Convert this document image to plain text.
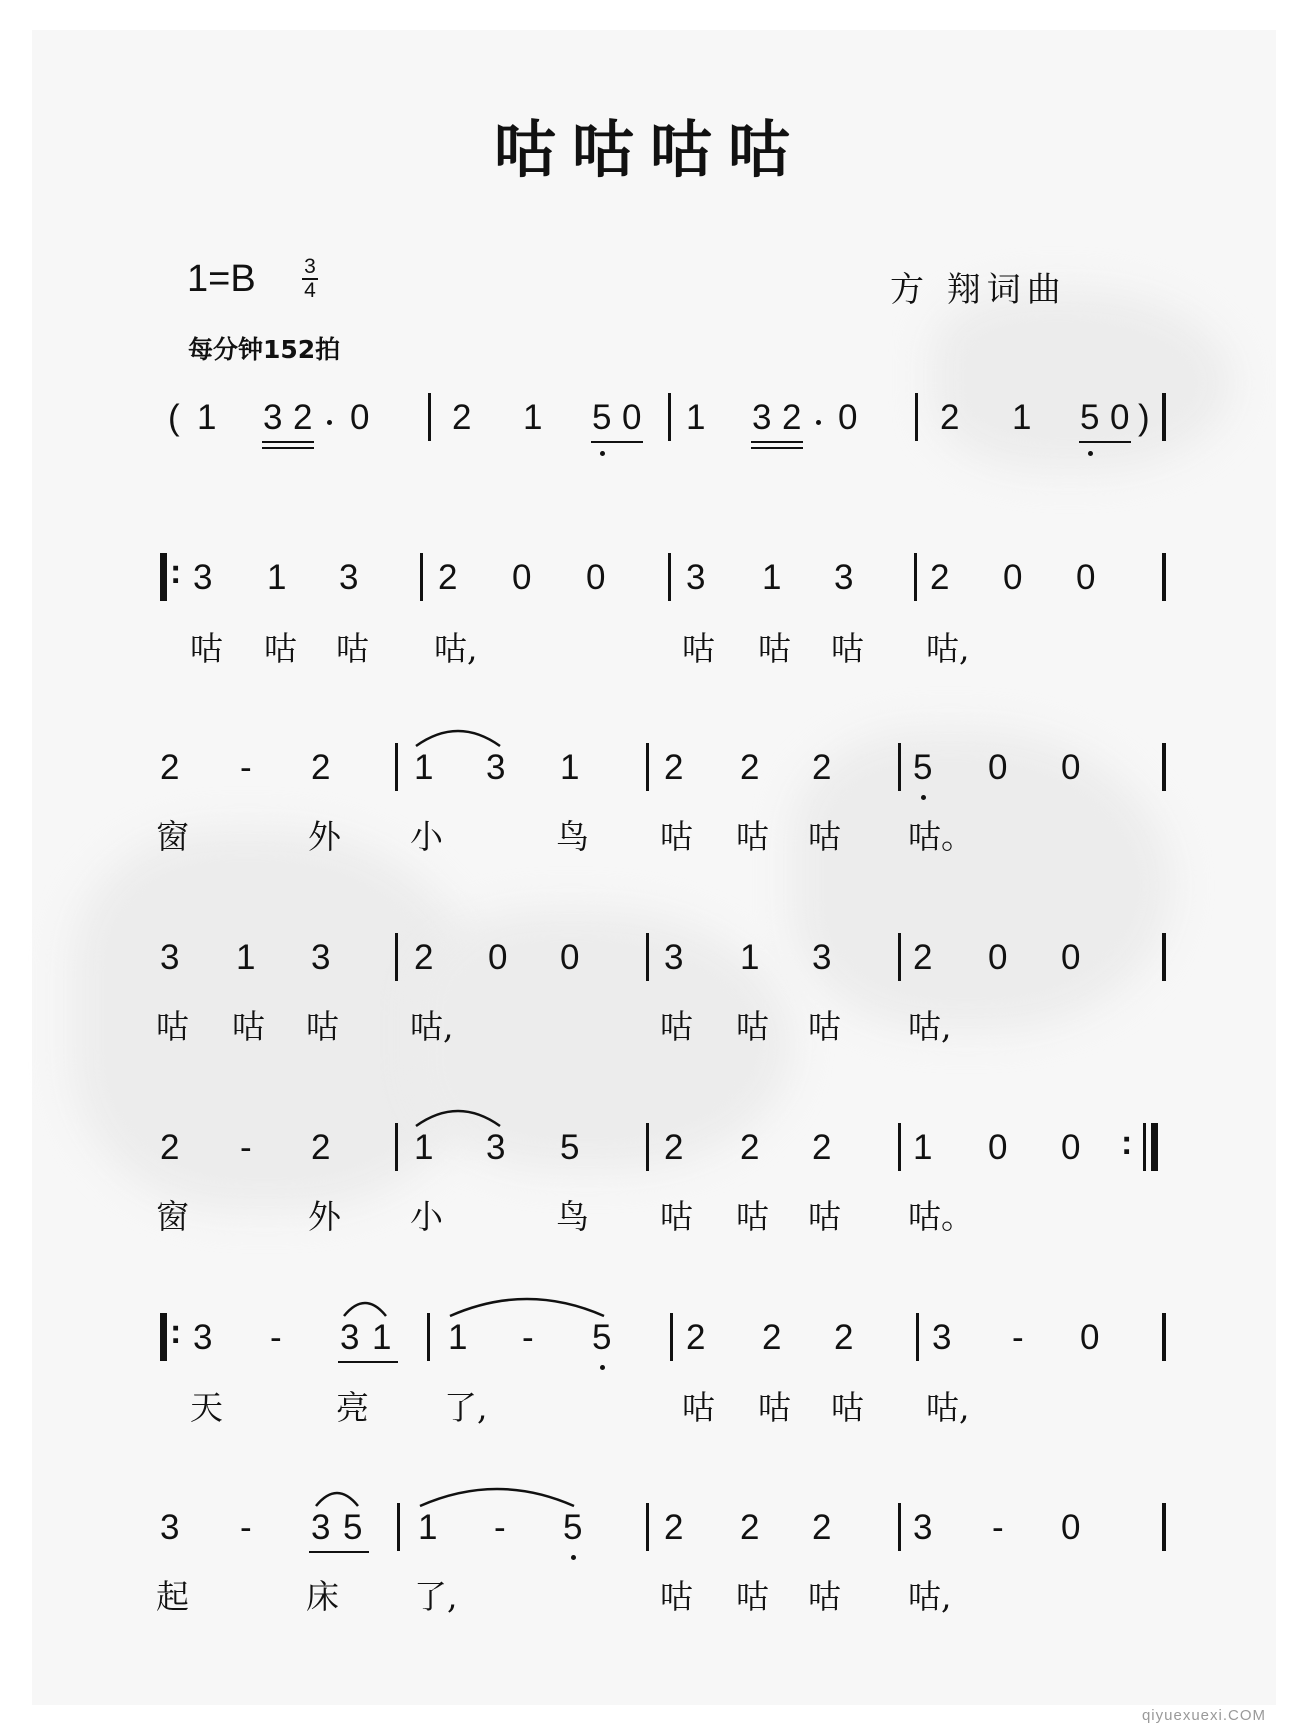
咕咕咕咕
1=B 3
4
每分钟152拍
方 翔词曲
( 1 3 2 0 2 1 5 0 1 3 2 0 2 1 5 0 )
: 3 1 3 2 0 0 3 1 3 2 0 0
咕 咕 咕 咕,	咕 咕 咕 咕,
2 - 2 1 3 1 2 2 2 5 0 0
窗	外 小	鸟 咕 咕 咕 咕。
3 1 3 2 0 0 3 1 3 2 0 0
咕 咕 咕 咕,	咕 咕 咕 咕,
2 - 2 1 3 5 2 2 2 1 0 0 :
窗	外 小	鸟 咕 咕 咕 咕。
: 3 - 3 1 1 - 5 2 2 2 3 - 0
天	亮 了,	咕 咕 咕 咕,
3 - 3 5 1 - 5 2 2 2 3 - 0
起	床 了,	咕 咕 咕 咕,
qiyuexuexi.COM
